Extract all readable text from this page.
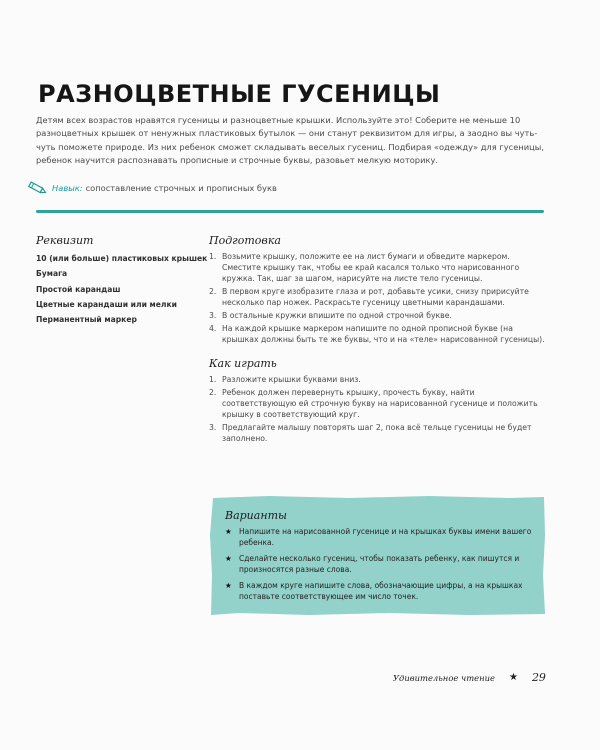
РАЗНОЦВЕТНЫЕ ГУСЕНИЦЫ

Детям всех возрастов нравятся гусеницы и разноцветные крышки. Используйте это! Соберите не меньше 10 разноцветных крышек от ненужных пластиковых бутылок — они станут реквизитом для игры, а заодно вы чуть-чуть поможете природе. Из них ребенок сможет складывать веселых гусениц. Подбирая «одежду» для гусеницы, ребенок научится распознавать прописные и строчные буквы, разовьет мелкую моторику.

Навык: сопоставление строчных и прописных букв
Реквизит
10 (или больше) пластиковых крышек
Бумага
Простой карандаш
Цветные карандаши или мелки
Перманентный маркер
Подготовка
1. Возьмите крышку, положите ее на лист бумаги и обведите маркером. Сместите крышку так, чтобы ее край касался только что нарисованного кружка. Так, шаг за шагом, нарисуйте на листе тело гусеницы.
2. В первом круге изобразите глаза и рот, добавьте усики, снизу пририсуйте несколько пар ножек. Раскрасьте гусеницу цветными карандашами.
3. В остальные кружки впишите по одной строчной букве.
4. На каждой крышке маркером напишите по одной прописной букве (на крышках должны быть те же буквы, что и на «теле» нарисованной гусеницы).
Как играть
1. Разложите крышки буквами вниз.
2. Ребенок должен перевернуть крышку, прочесть букву, найти соответствующую ей строчную букву на нарисованной гусенице и положить крышку в соответствующий круг.
3. Предлагайте малышу повторять шаг 2, пока всё тельце гусеницы не будет заполнено.
Варианты
★ Напишите на нарисованной гусенице и на крышках буквы имени вашего ребенка.
★ Сделайте несколько гусениц, чтобы показать ребенку, как пишутся и произносятся разные слова.
★ В каждом круге напишите слова, обозначающие цифры, а на крышках поставьте соответствующее им число точек.
Удивительное чтение ★ 29
